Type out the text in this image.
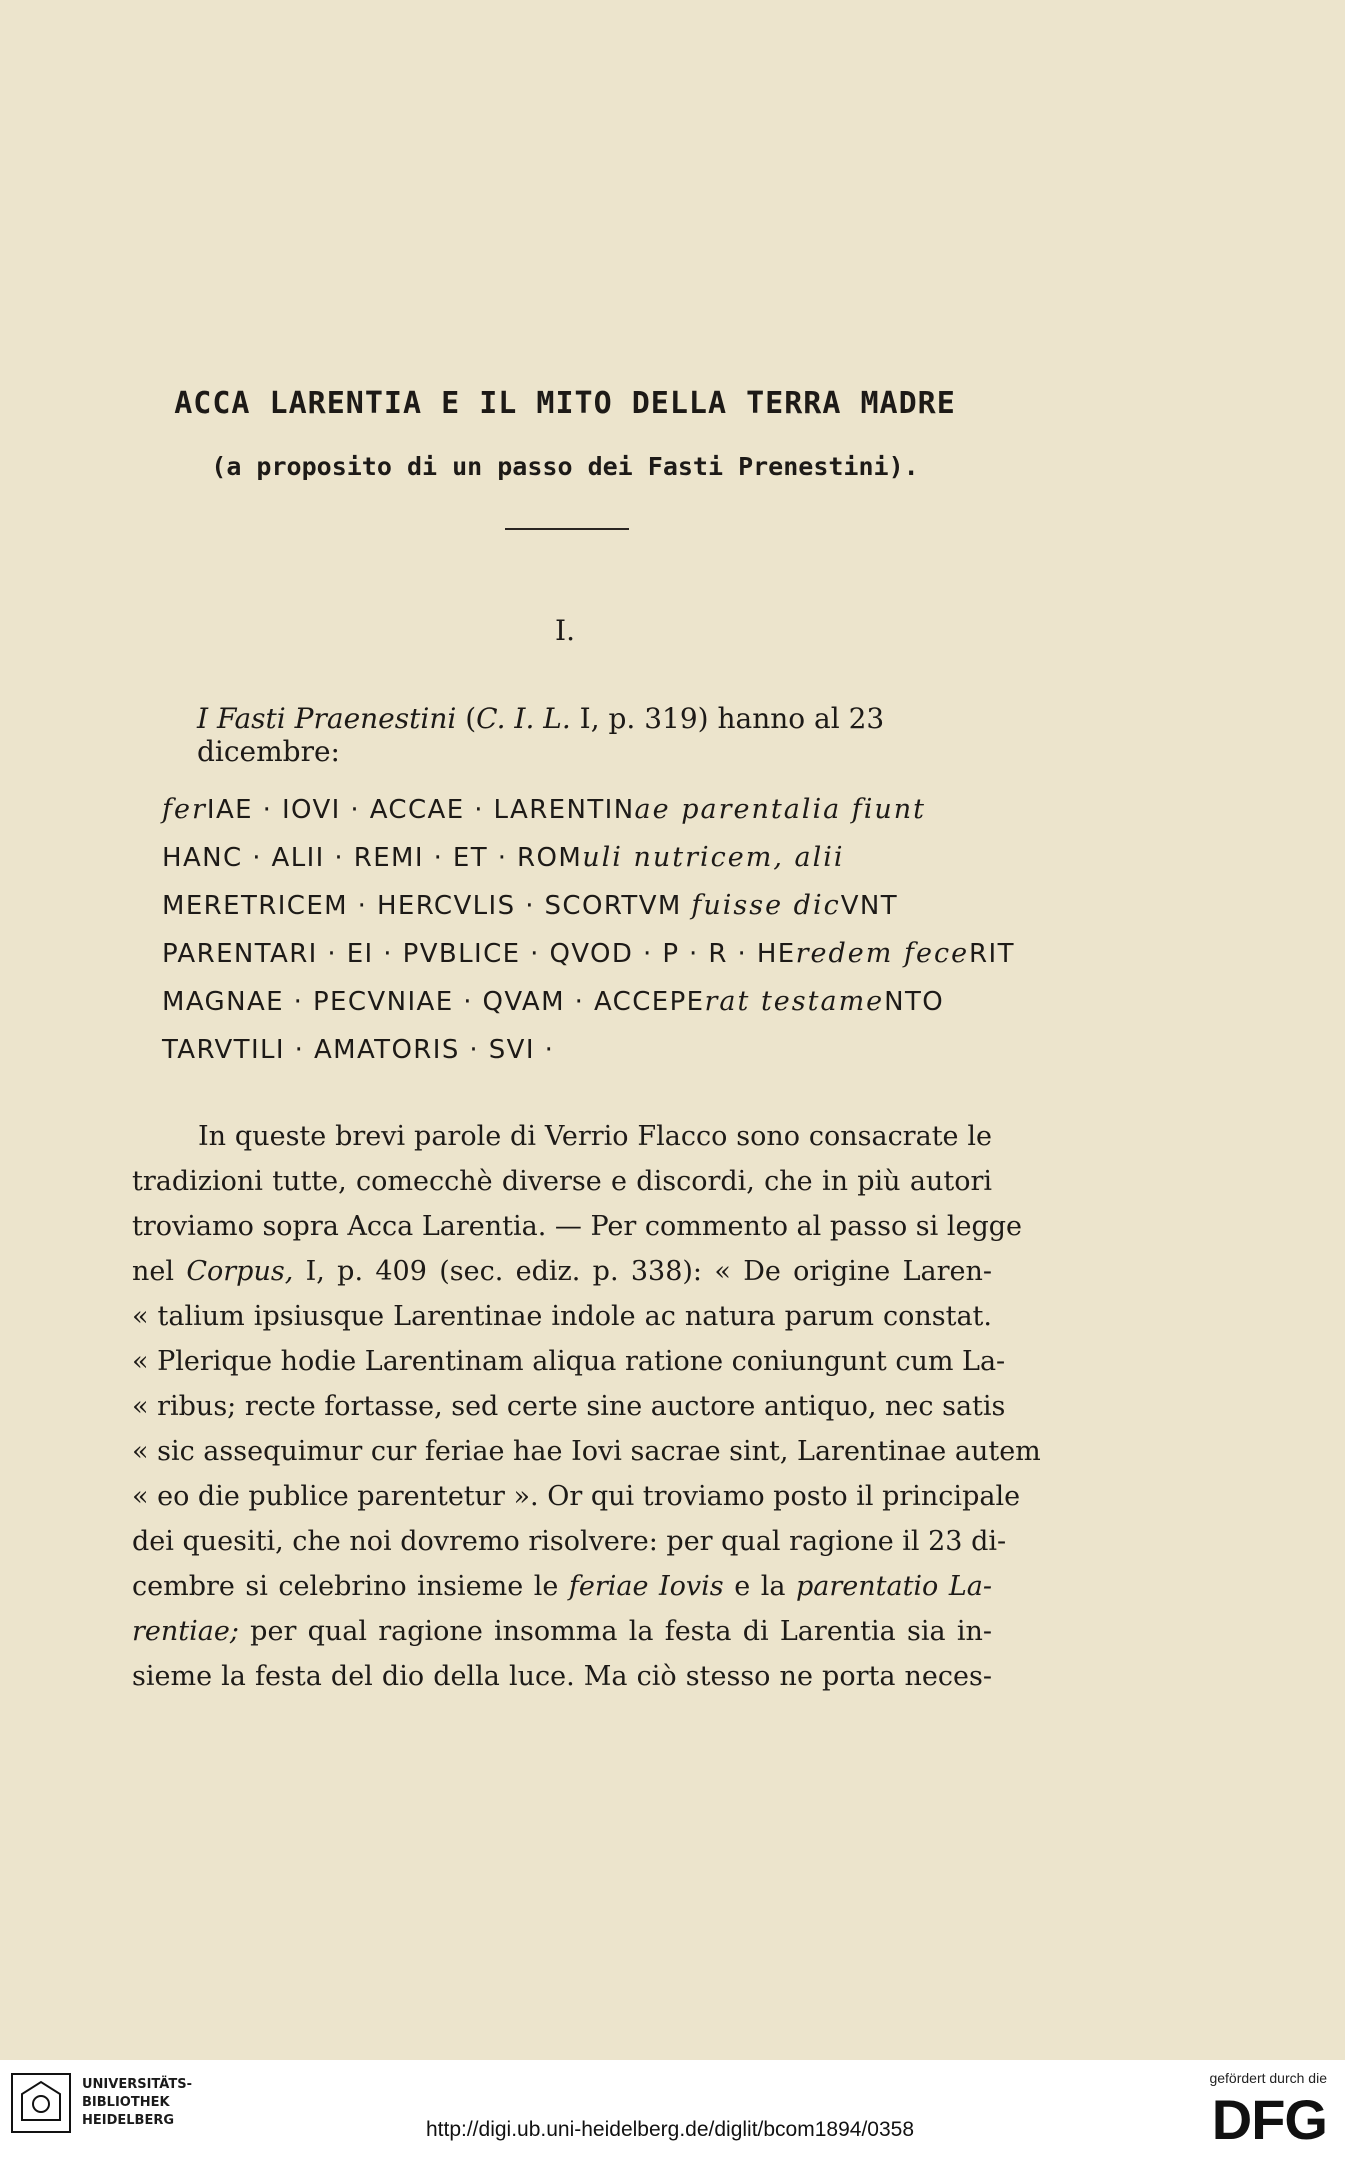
ACCA LARENTIA E IL MITO DELLA TERRA MADRE
(a proposito di un passo dei Fasti Prenestini).
I.
I Fasti Praenestini (C. I. L. I, p. 319) hanno al 23 dicembre:
ferIAE · IOVI · ACCAE · LARENTINae parentalia fiunt
HANC · ALII · REMI · ET · ROMuli nutricem, alii
MERETRICEM · HERCVLIS · SCORTVM fuisse dicVNT
PARENTARI · EI · PVBLICE · QVOD · P · R · HEredem feceRIT
MAGNAE · PECVNIAE · QVAM · ACCEPErat testameNTO
TARVTILI · AMATORIS · SVI ·
In queste brevi parole di Verrio Flacco sono consacrate le
tradizioni tutte, comecchè diverse e discordi, che in più autori
troviamo sopra Acca Larentia. — Per commento al passo si legge
nel Corpus, I, p. 409 (sec. ediz. p. 338): « De origine Laren-
« talium ipsiusque Larentinae indole ac natura parum constat.
« Plerique hodie Larentinam aliqua ratione coniungunt cum La-
« ribus; recte fortasse, sed certe sine auctore antiquo, nec satis
« sic assequimur cur feriae hae Iovi sacrae sint, Larentinae autem
« eo die publice parentetur ». Or qui troviamo posto il principale
dei quesiti, che noi dovremo risolvere: per qual ragione il 23 di-
cembre si celebrino insieme le feriae Iovis e la parentatio La-
rentiae; per qual ragione insomma la festa di Larentia sia in-
sieme la festa del dio della luce. Ma ciò stesso ne porta neces-
UNIVERSITÄTS-
BIBLIOTHEK
HEIDELBERG	http://digi.ub.uni-heidelberg.de/diglit/bcom1894/0358
gefördert durch die
DFG
